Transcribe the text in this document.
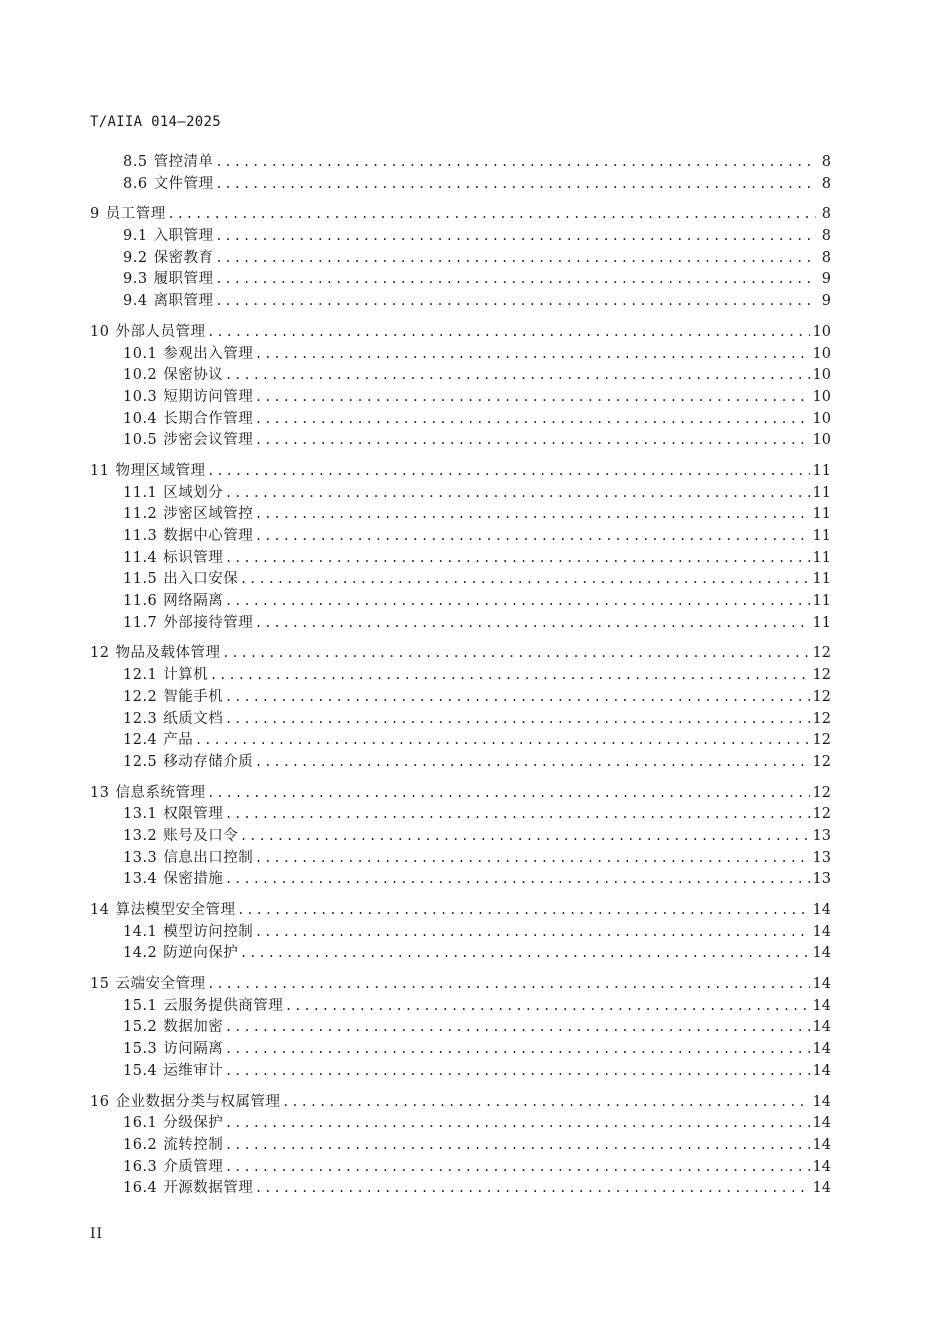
T/AIIA 014—2025
8.5 管控清单 . . .	8
8.6 文件管理 . . .	8
9 员工管理 . . .	8
9.1 入职管理 . . .	8
9.2 保密教育 . . .	8
9.3 履职管理 . . .	9
9.4 离职管理 . . .	9
10 外部人员管理 . . .	10
10.1 参观出入管理 . . .	10
10.2 保密协议 . . .	10
10.3 短期访问管理 . . .	10
10.4 长期合作管理 . . .	10
10.5 涉密会议管理 . . .	10
11 物理区域管理 . . .	11
11.1 区域划分 . . .	11
11.2 涉密区域管控 . . .	11
11.3 数据中心管理 . . .	11
11.4 标识管理 . . .	11
11.5 出入口安保 . . .	11
11.6 网络隔离 . . .	11
11.7 外部接待管理 . . .	11
12 物品及载体管理 . . .	12
12.1 计算机 . . .	12
12.2 智能手机 . . .	12
12.3 纸质文档 . . .	12
12.4 产品 . . .	12
12.5 移动存储介质 . . .	12
13 信息系统管理 . . .	12
13.1 权限管理 . . .	12
13.2 账号及口令 . . .	13
13.3 信息出口控制 . . .	13
13.4 保密措施 . . .	13
14 算法模型安全管理 . . .	14
14.1 模型访问控制 . . .	14
14.2 防逆向保护 . . .	14
15 云端安全管理 . . .	14
15.1 云服务提供商管理 . . .	14
15.2 数据加密 . . .	14
15.3 访问隔离 . . .	14
15.4 运维审计 . . .	14
16 企业数据分类与权属管理 . . .	14
16.1 分级保护 . . .	14
16.2 流转控制 . . .	14
16.3 介质管理 . . .	14
16.4 开源数据管理 . . .	14
II
